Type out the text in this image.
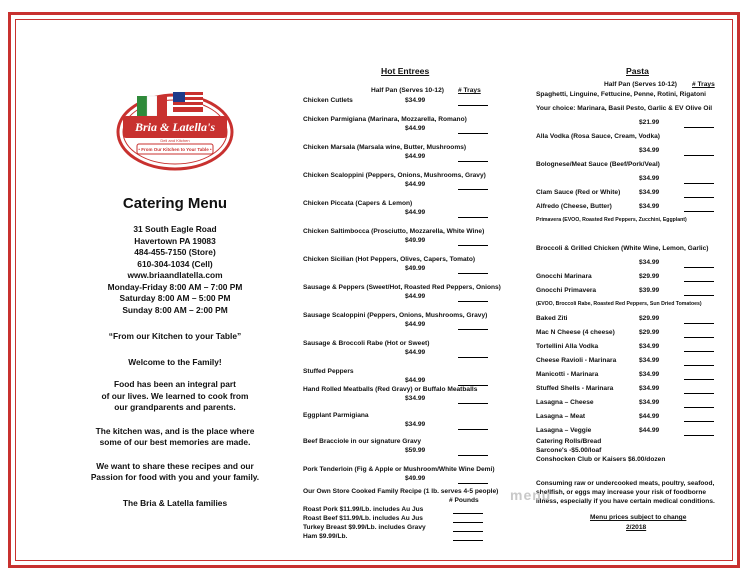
Bria & Latella's
Deli and Kitchen
• From Our Kitchen to Your Table •
Catering Menu
31 South Eagle Road
Havertown PA 19083
484-455-7150 (Store)
610-304-1034 (Cell)
www.briaandlatella.com
Monday-Friday 8:00 AM – 7:00 PM
Saturday 8:00 AM – 5:00 PM
Sunday 8:00 AM – 2:00 PM
“From our Kitchen to your Table”
Welcome to the Family!
Food has been an integral part
of our lives. We learned to cook from
our grandparents and parents.
The kitchen was, and is the place where
some of our best memories are made.
We want to share these recipes and our
Passion for food with you and your family.
The Bria & Latella families
Hot Entrees
Half Pan (Serves 10-12) # Trays
Chicken Cutlets	$34.99
Chicken Parmigiana (Marinara, Mozzarella, Romano)
$44.99
Chicken Marsala (Marsala wine, Butter, Mushrooms)
$44.99
Chicken Scaloppini (Peppers, Onions, Mushrooms, Gravy)
$44.99
Chicken Piccata (Capers & Lemon)
$44.99
Chicken Saltimbocca (Prosciutto, Mozzarella, White Wine)
$49.99
Chicken Sicilian (Hot Peppers, Olives, Capers, Tomato)
$49.99
Sausage & Peppers (Sweet/Hot, Roasted Red Peppers, Onions)
$44.99
Sausage Scaloppini (Peppers, Onions, Mushrooms, Gravy)
$44.99
Sausage & Broccoli Rabe (Hot or Sweet)
$44.99
Stuffed Peppers
$44.99
Hand Rolled Meatballs (Red Gravy) or Buffalo Meatballs
$34.99
Eggplant Parmigiana
$34.99
Beef Bracciole in our signature Gravy
$59.99
Pork Tenderloin (Fig & Apple or Mushroom/White Wine Demi)
$49.99
Our Own Store Cooked Family Recipe (1 lb. serves 4-5 people)
# Pounds
Roast Pork $11.99/Lb. includes Au Jus
Roast Beef $11.99/Lb. includes Au Jus
Turkey Breast $9.99/Lb. includes Gravy
Ham $9.99/Lb.
Pasta
Half Pan (Serves 10-12) # Trays
Spaghetti, Linguine, Fettucine, Penne, Rotini, Rigatoni
Your choice: Marinara, Basil Pesto, Garlic & EV Olive Oil
$21.99
Alla Vodka (Rosa Sauce, Cream, Vodka)
$34.99
Bolognese/Meat Sauce (Beef/Pork/Veal)
$34.99
Clam Sauce (Red or White)	$34.99
Alfredo (Cheese, Butter)	$34.99
Primavera (EVOO, Roasted Red Peppers, Zucchini, Eggplant)
Broccoli & Grilled Chicken (White Wine, Lemon, Garlic)
$34.99
Gnocchi Marinara	$29.99
Gnocchi Primavera	$39.99
(EVOO, Broccoli Rabe, Roasted Red Peppers, Sun Dried Tomatoes)
Baked Ziti	$29.99
Mac N Cheese (4 cheese)	$29.99
Tortellini Alla Vodka	$34.99
Cheese Ravioli - Marinara	$34.99
Manicotti - Marinara	$34.99
Stuffed Shells - Marinara	$34.99
Lasagna – Cheese	$34.99
Lasagna – Meat	$44.99
Lasagna – Veggie	$44.99
Catering Rolls/Bread
Sarcone's -$5.00/loaf
Conshocken Club or Kaisers $6.00/dozen
Consuming raw or undercooked meats, poultry, seafood,
shellfish, or eggs may increase your risk of foodborne
illness, especially if you have certain medical conditions.
Menu prices subject to change
2/2018
menu
